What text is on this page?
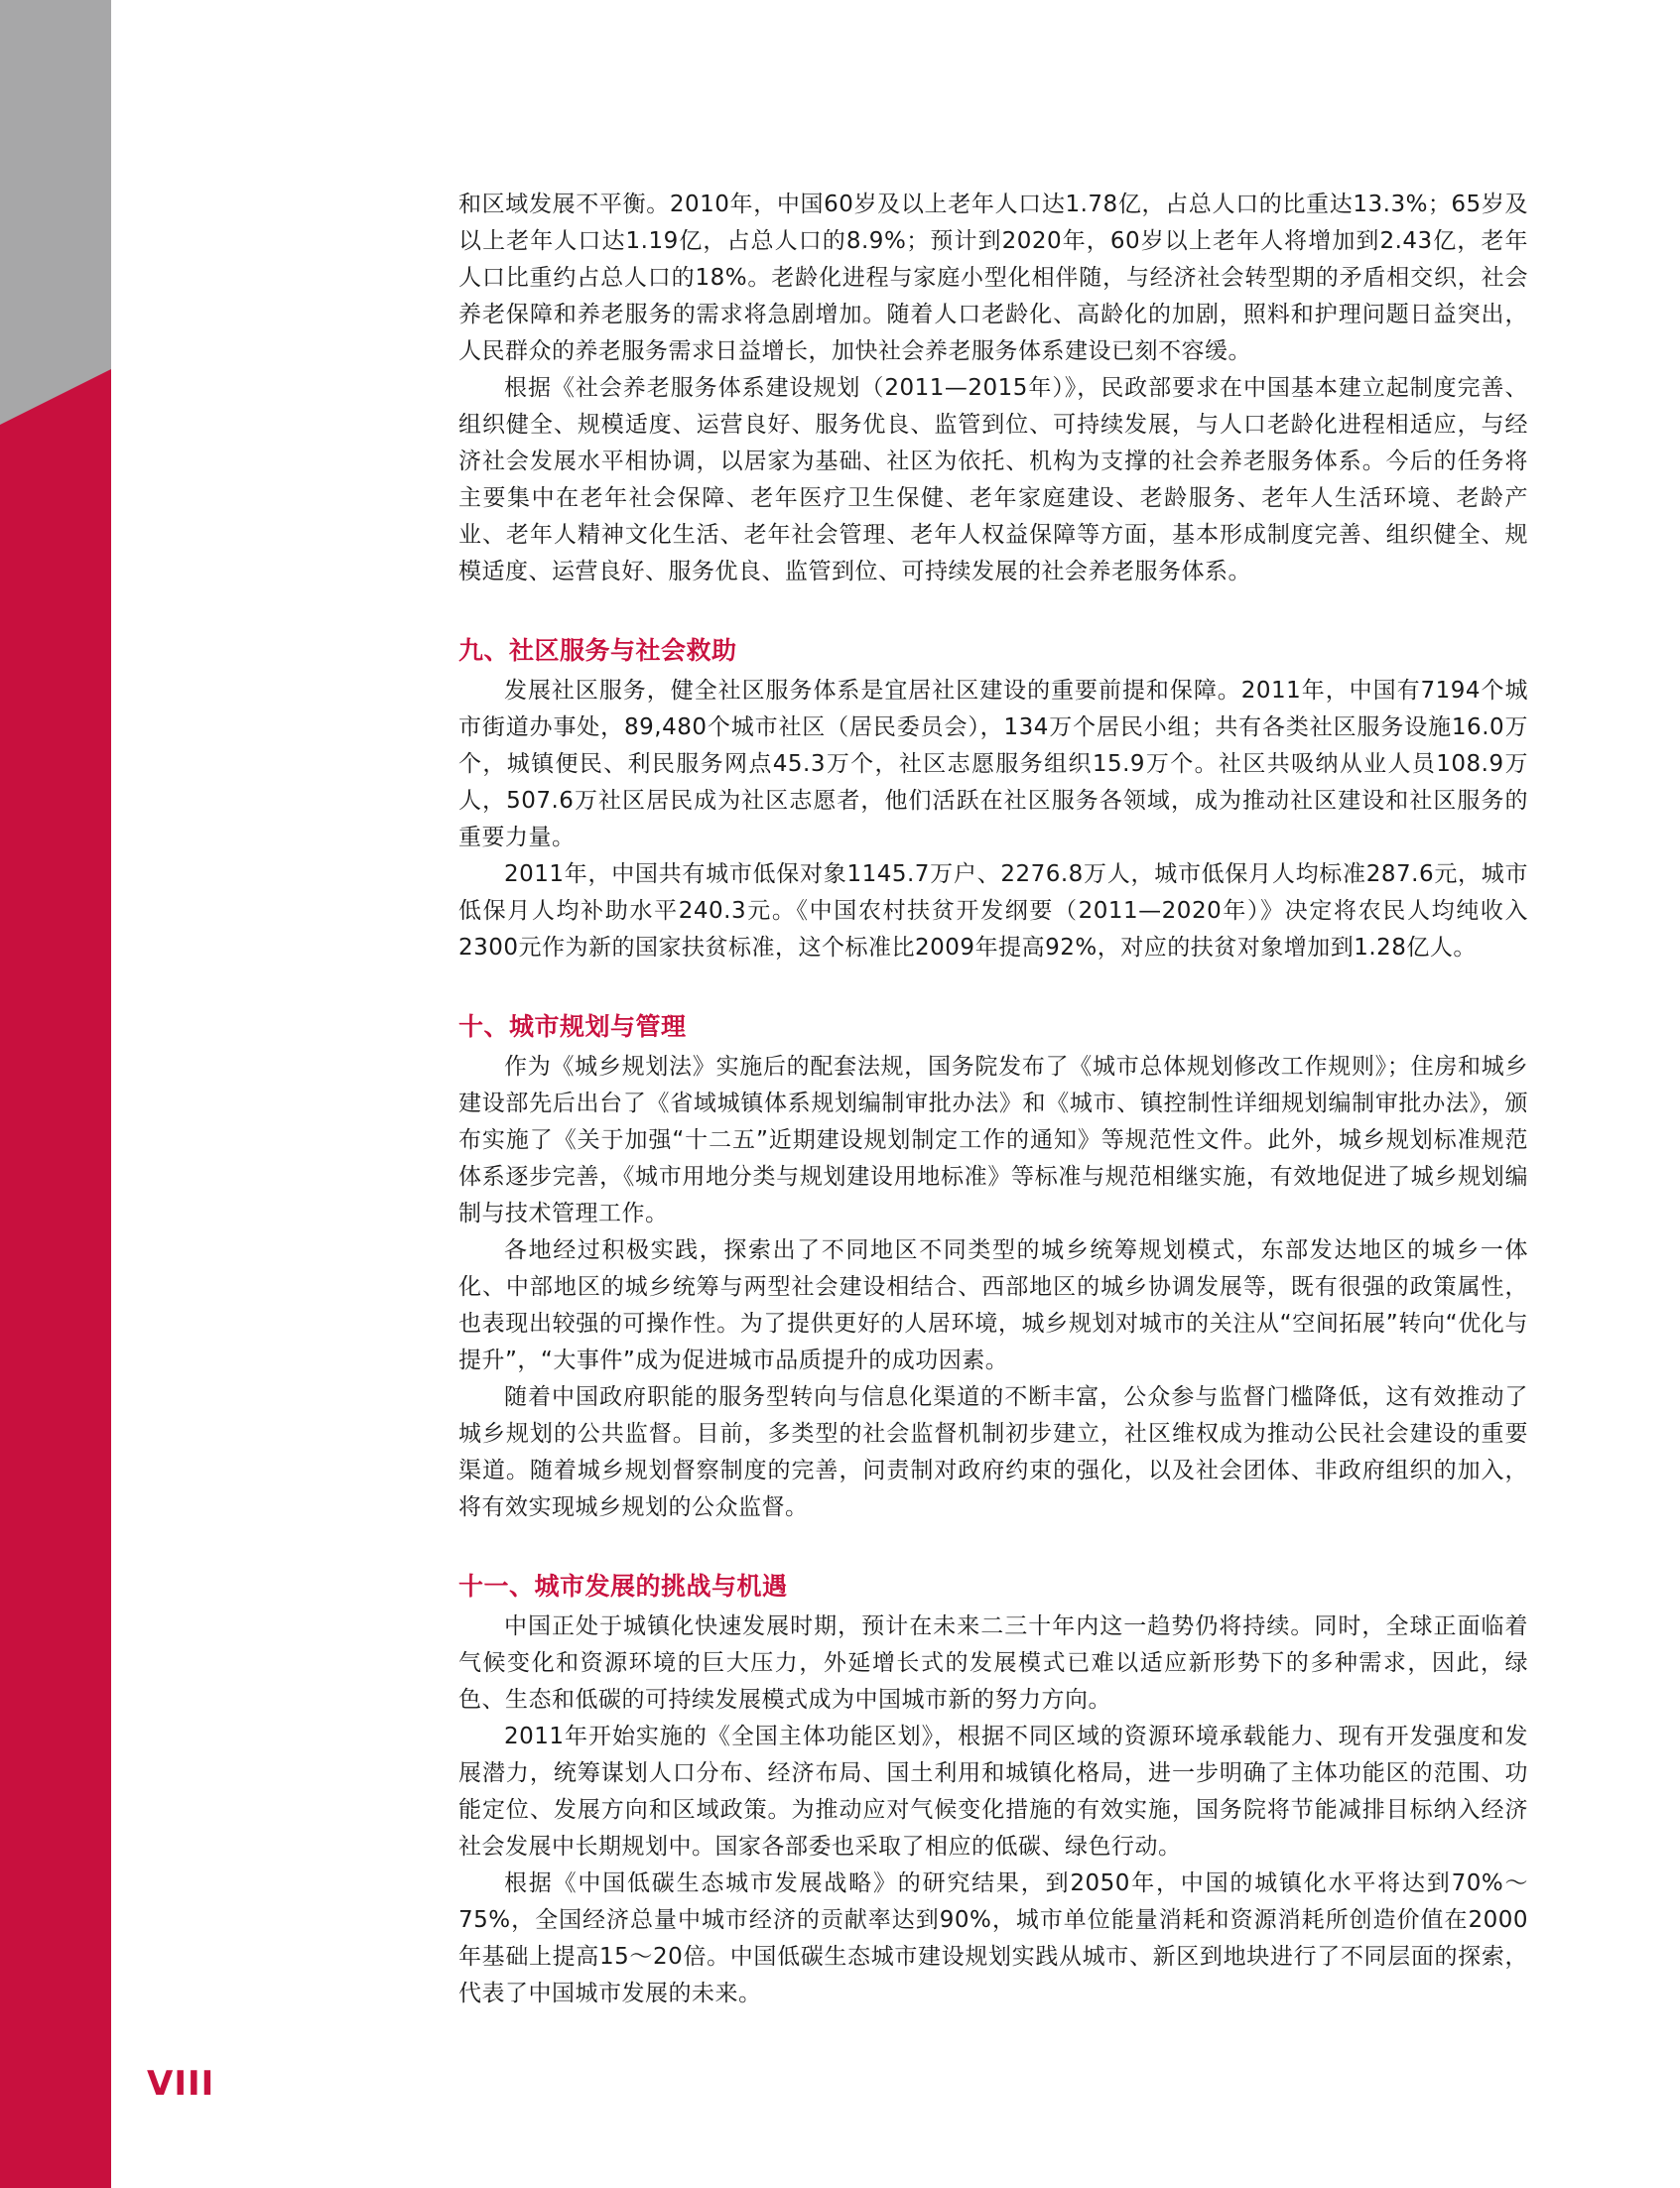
和区域发展不平衡。2010年，中国60岁及以上老年人口达1.78亿，占总人口的比重达13.3%；65岁及以上老年人口达1.19亿，占总人口的8.9%；预计到2020年，60岁以上老年人将增加到2.43亿，老年人口比重约占总人口的18%。老龄化进程与家庭小型化相伴随，与经济社会转型期的矛盾相交织，社会养老保障和养老服务的需求将急剧增加。随着人口老龄化、高龄化的加剧，照料和护理问题日益突出，人民群众的养老服务需求日益增长，加快社会养老服务体系建设已刻不容缓。

根据《社会养老服务体系建设规划（2011—2015年）》，民政部要求在中国基本建立起制度完善、组织健全、规模适度、运营良好、服务优良、监管到位、可持续发展，与人口老龄化进程相适应，与经济社会发展水平相协调，以居家为基础、社区为依托、机构为支撑的社会养老服务体系。今后的任务将主要集中在老年社会保障、老年医疗卫生保健、老年家庭建设、老龄服务、老年人生活环境、老龄产业、老年人精神文化生活、老年社会管理、老年人权益保障等方面，基本形成制度完善、组织健全、规模适度、运营良好、服务优良、监管到位、可持续发展的社会养老服务体系。

九、社区服务与社会救助

发展社区服务，健全社区服务体系是宜居社区建设的重要前提和保障。2011年，中国有7194个城市街道办事处，89,480个城市社区（居民委员会），134万个居民小组；共有各类社区服务设施16.0万个，城镇便民、利民服务网点45.3万个，社区志愿服务组织15.9万个。社区共吸纳从业人员108.9万人，507.6万社区居民成为社区志愿者，他们活跃在社区服务各领域，成为推动社区建设和社区服务的重要力量。

2011年，中国共有城市低保对象1145.7万户、2276.8万人，城市低保月人均标准287.6元，城市低保月人均补助水平240.3元。《中国农村扶贫开发纲要（2011—2020年）》决定将农民人均纯收入2300元作为新的国家扶贫标准，这个标准比2009年提高92%，对应的扶贫对象增加到1.28亿人。

十、城市规划与管理

作为《城乡规划法》实施后的配套法规，国务院发布了《城市总体规划修改工作规则》；住房和城乡建设部先后出台了《省域城镇体系规划编制审批办法》和《城市、镇控制性详细规划编制审批办法》，颁布实施了《关于加强“十二五”近期建设规划制定工作的通知》等规范性文件。此外，城乡规划标准规范体系逐步完善，《城市用地分类与规划建设用地标准》等标准与规范相继实施，有效地促进了城乡规划编制与技术管理工作。

各地经过积极实践，探索出了不同地区不同类型的城乡统筹规划模式，东部发达地区的城乡一体化、中部地区的城乡统筹与两型社会建设相结合、西部地区的城乡协调发展等，既有很强的政策属性，也表现出较强的可操作性。为了提供更好的人居环境，城乡规划对城市的关注从“空间拓展”转向“优化与提升”，“大事件”成为促进城市品质提升的成功因素。

随着中国政府职能的服务型转向与信息化渠道的不断丰富，公众参与监督门槛降低，这有效推动了城乡规划的公共监督。目前，多类型的社会监督机制初步建立，社区维权成为推动公民社会建设的重要渠道。随着城乡规划督察制度的完善，问责制对政府约束的强化，以及社会团体、非政府组织的加入，将有效实现城乡规划的公众监督。

十一、城市发展的挑战与机遇

中国正处于城镇化快速发展时期，预计在未来二三十年内这一趋势仍将持续。同时，全球正面临着气候变化和资源环境的巨大压力，外延增长式的发展模式已难以适应新形势下的多种需求，因此，绿色、生态和低碳的可持续发展模式成为中国城市新的努力方向。

2011年开始实施的《全国主体功能区划》，根据不同区域的资源环境承载能力、现有开发强度和发展潜力，统筹谋划人口分布、经济布局、国土利用和城镇化格局，进一步明确了主体功能区的范围、功能定位、发展方向和区域政策。为推动应对气候变化措施的有效实施，国务院将节能减排目标纳入经济社会发展中长期规划中。国家各部委也采取了相应的低碳、绿色行动。

根据《中国低碳生态城市发展战略》的研究结果，到2050年，中国的城镇化水平将达到70%～75%，全国经济总量中城市经济的贡献率达到90%，城市单位能量消耗和资源消耗所创造价值在2000年基础上提高15～20倍。中国低碳生态城市建设规划实践从城市、新区到地块进行了不同层面的探索，代表了中国城市发展的未来。

VIII
